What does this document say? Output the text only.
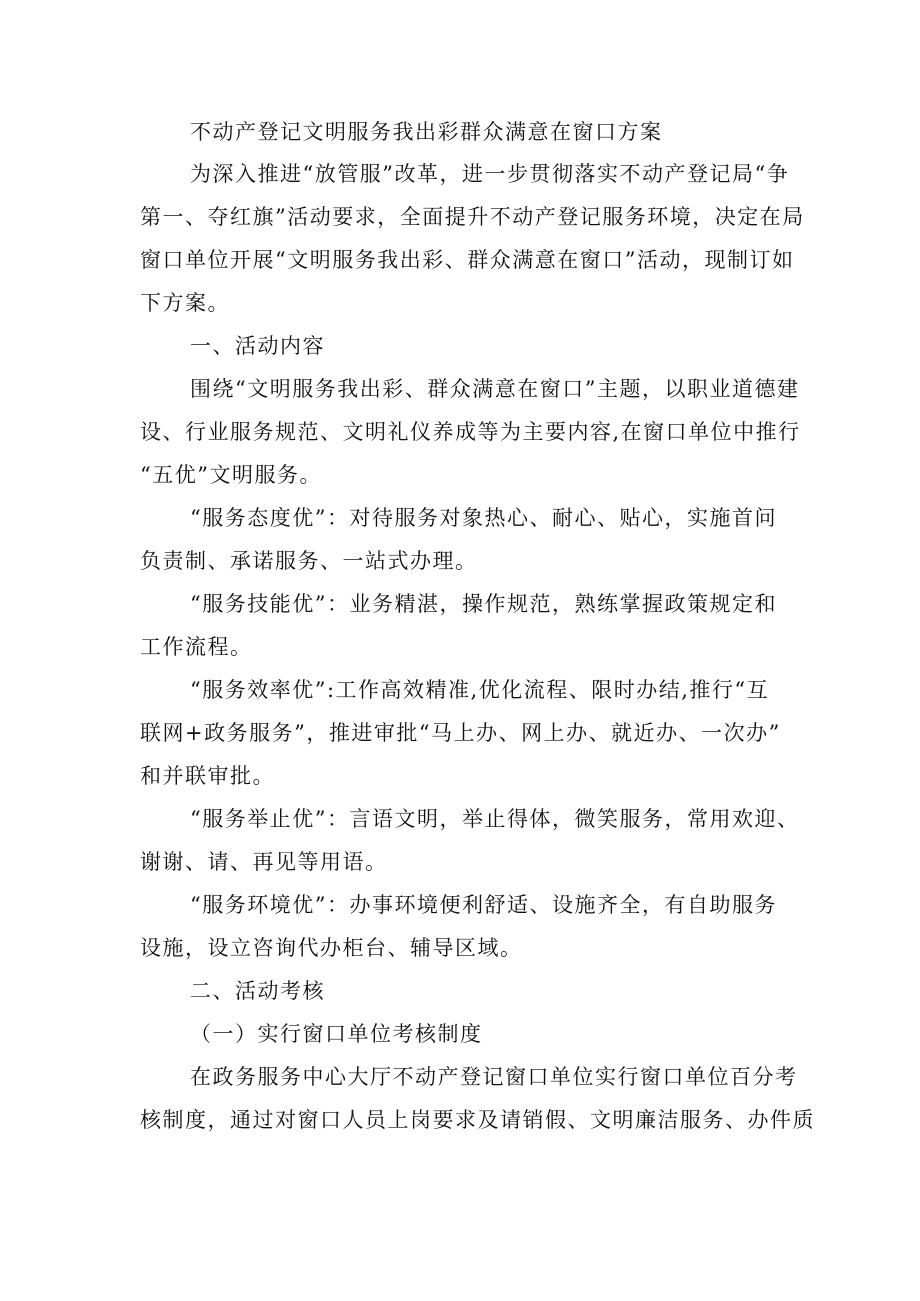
不动产登记文明服务我出彩群众满意在窗口方案
为深入推进“放管服”改革，进一步贯彻落实不动产登记局“争
第一、夺红旗”活动要求，全面提升不动产登记服务环境，决定在局
窗口单位开展“文明服务我出彩、群众满意在窗口”活动，现制订如
下方案。
一、活动内容
围绕“文明服务我出彩、群众满意在窗口”主题，以职业道德建
设、行业服务规范、文明礼仪养成等为主要内容,在窗口单位中推行
“五优”文明服务。
“服务态度优”：对待服务对象热心、耐心、贴心，实施首问
负责制、承诺服务、一站式办理。
“服务技能优”：业务精湛，操作规范，熟练掌握政策规定和
工作流程。
“服务效率优”:工作高效精准,优化流程、限时办结,推行“互
联网+政务服务”，推进审批“马上办、网上办、就近办、一次办”
和并联审批。
“服务举止优”：言语文明，举止得体，微笑服务，常用欢迎、
谢谢、请、再见等用语。
“服务环境优”：办事环境便利舒适、设施齐全，有自助服务
设施，设立咨询代办柜台、辅导区域。
二、活动考核
（一）实行窗口单位考核制度
在政务服务中心大厅不动产登记窗口单位实行窗口单位百分考
核制度，通过对窗口人员上岗要求及请销假、文明廉洁服务、办件质
